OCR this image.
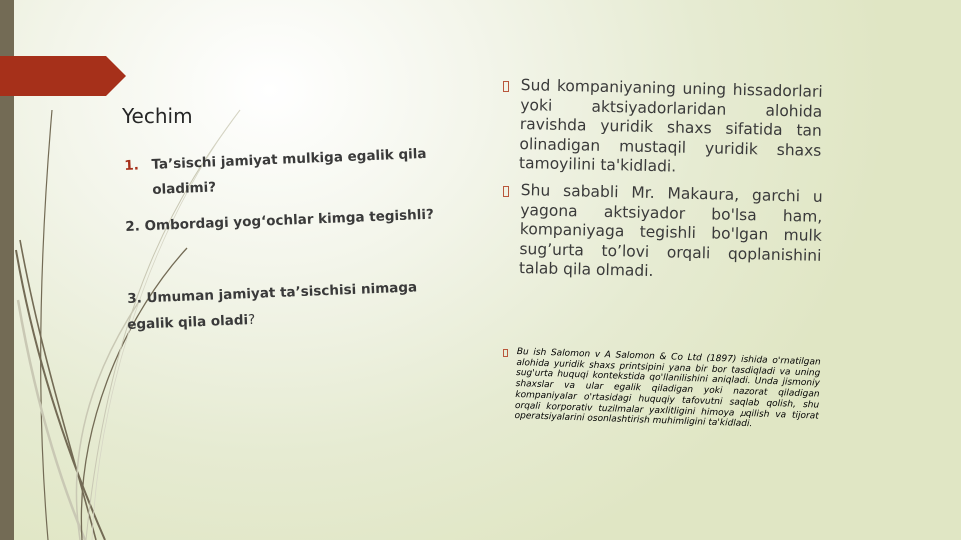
Yechim
1. Ta’sischi jamiyat mulkiga egalik qila
oladimi?
2. Ombordagi yog‘ochlar kimga tegishli?
3. Umuman jamiyat ta’sischisi nimaga
egalik qila oladi?
Sud kompaniyaning uning hissadorlari yoki aktsiyadorlaridan alohida ravishda yuridik shaxs sifatida tan olinadigan mustaqil yuridik shaxs tamoyilini ta'kidladi.
Shu sababli Mr. Makaura, garchi u yagona aktsiyador bo'lsa ham, kompaniyaga tegishli bo'lgan mulk sug’urta to’lovi orqali qoplanishini talab qila olmadi.
Bu ish Salomon v A Salomon & Co Ltd (1897) ishida o'rnatilgan alohida yuridik shaxs printsipini yana bir bor tasdiqladi va uning sug'urta huquqi kontekstida qo'llanilishini aniqladi. Unda jismoniy shaxslar va ular egalik qiladigan yoki nazorat qiladigan kompaniyalar o'rtasidagi huquqiy tafovutni saqlab qolish, shu orqali korporativ tuzilmalar yaxlitligini himoya ꙡqilish va tijorat operatsiyalarini osonlashtirish muhimligini ta'kidladi.
